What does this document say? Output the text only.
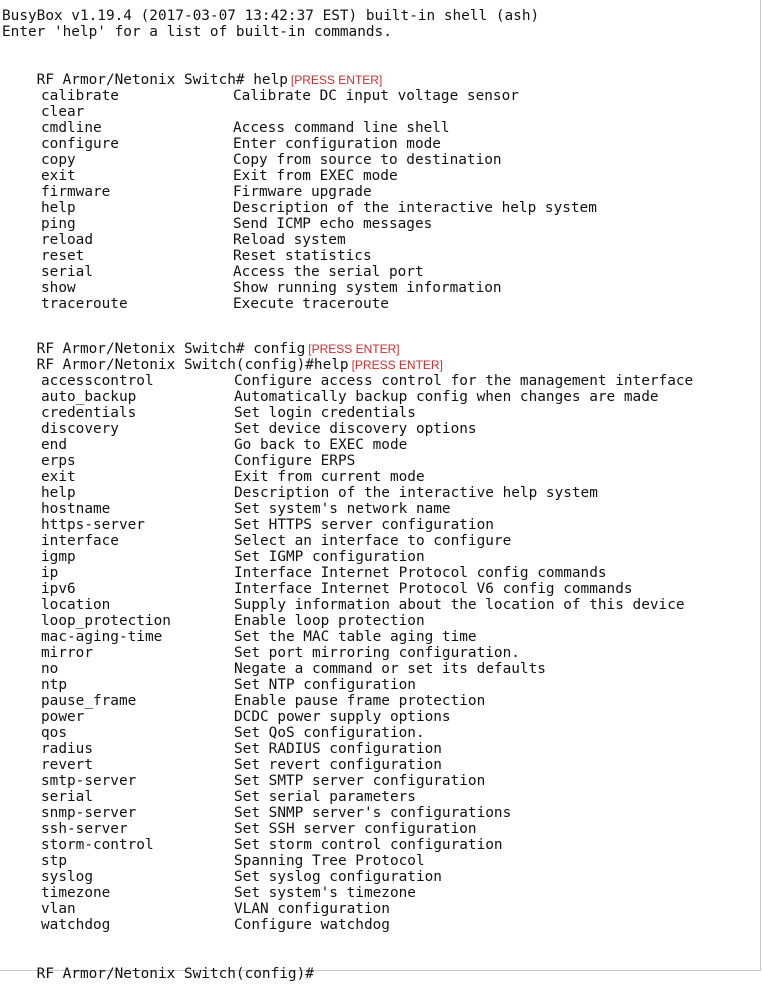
BusyBox v1.19.4 (2017-03-07 13:42:37 EST) built-in shell (ash)
Enter 'help' for a list of built-in commands.

RF Armor/Netonix Switch# help [PRESS ENTER]

calibrate	Calibrate DC input voltage sensor
clear
cmdline	Access command line shell
configure	Enter configuration mode
copy	Copy from source to destination
exit	Exit from EXEC mode
firmware	Firmware upgrade
help	Description of the interactive help system
ping	Send ICMP echo messages
reload	Reload system
reset	Reset statistics
serial	Access the serial port
show	Show running system information
traceroute	Execute traceroute

RF Armor/Netonix Switch# config [PRESS ENTER]

RF Armor/Netonix Switch(config)#help [PRESS ENTER]

accesscontrol	Configure access control for the management interface
auto_backup	Automatically backup config when changes are made
credentials	Set login credentials
discovery	Set device discovery options
end	Go back to EXEC mode
erps	Configure ERPS
exit	Exit from current mode
help	Description of the interactive help system
hostname	Set system's network name
https-server	Set HTTPS server configuration
interface	Select an interface to configure
igmp	Set IGMP configuration
ip	Interface Internet Protocol config commands
ipv6	Interface Internet Protocol V6 config commands
location	Supply information about the location of this device
loop_protection	Enable loop protection
mac-aging-time	Set the MAC table aging time
mirror	Set port mirroring configuration.
no	Negate a command or set its defaults
ntp	Set NTP configuration
pause_frame	Enable pause frame protection
power	DCDC power supply options
qos	Set QoS configuration.
radius	Set RADIUS configuration
revert	Set revert configuration
smtp-server	Set SMTP server configuration
serial	Set serial parameters
snmp-server	Set SNMP server's configurations
ssh-server	Set SSH server configuration
storm-control	Set storm control configuration
stp	Spanning Tree Protocol
syslog	Set syslog configuration
timezone	Set system's timezone
vlan	VLAN configuration
watchdog	Configure watchdog

RF Armor/Netonix Switch(config)#
